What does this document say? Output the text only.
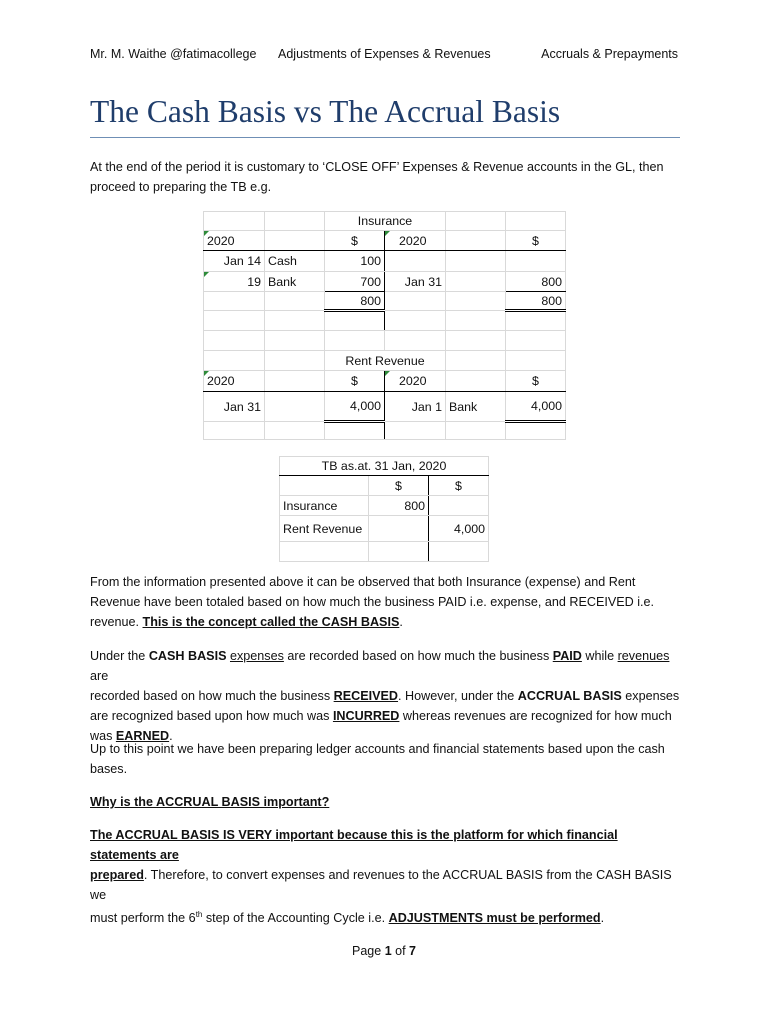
Mr. M. Waithe @fatimacollege Adjustments of Expenses & Revenues	Accruals & Prepayments
The Cash Basis vs The Accrual Basis

At the end of the period it is customary to ‘CLOSE OFF’ Expenses & Revenue accounts in the GL, then
proceed to preparing the TB e.g.

		Insurance			
2020		$	2020		$
Jan 14	Cash	100			
19	Bank	700	Jan 31		800
		800			800

		Rent Revenue			
2020		$	2020		$
Jan 31		4,000	Jan 1	Bank	4,000

TB as.at. 31 Jan, 2020		
	$	$
Insurance	800	
Rent Revenue		4,000

From the information presented above it can be observed that both Insurance (expense) and Rent
Revenue have been totaled based on how much the business PAID i.e. expense, and RECEIVED i.e.
revenue. This is the concept called the CASH BASIS.

Under the CASH BASIS expenses are recorded based on how much the business PAID while revenues are
recorded based on how much the business RECEIVED. However, under the ACCRUAL BASIS expenses
are recognized based upon how much was INCURRED whereas revenues are recognized for how much
was EARNED.

Up to this point we have been preparing ledger accounts and financial statements based upon the cash
bases.

Why is the ACCRUAL BASIS important?

The ACCRUAL BASIS IS VERY important because this is the platform for which financial statements are
prepared. Therefore, to convert expenses and revenues to the ACCRUAL BASIS from the CASH BASIS we
must perform the 6th step of the Accounting Cycle i.e. ADJUSTMENTS must be performed.

Page 1 of 7
